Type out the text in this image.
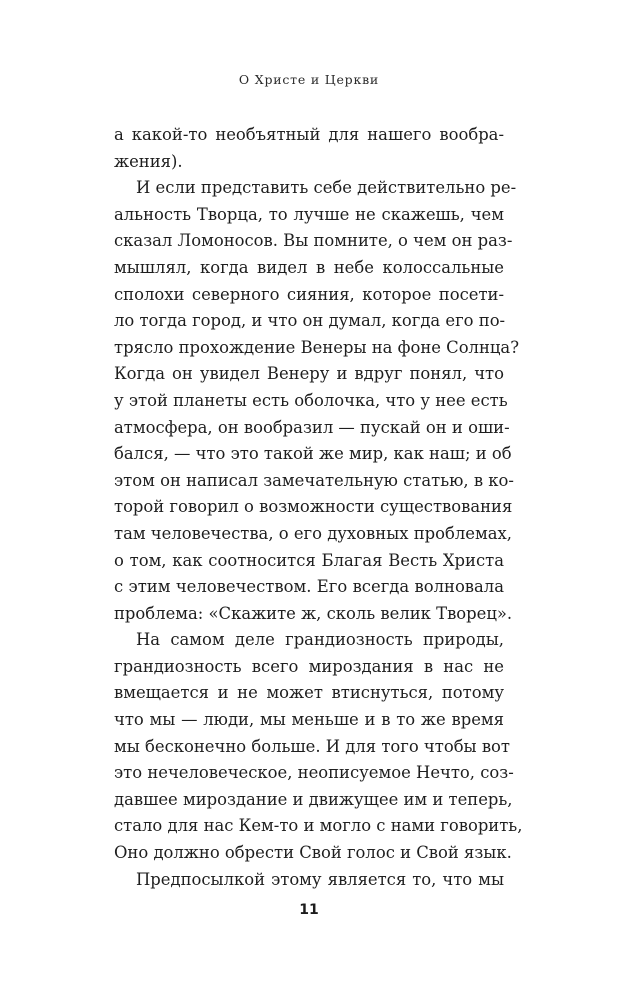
О Христе и Церкви
а какой-то необъятный для нашего вообра-
жения).
И если представить себе действительно ре-
альность Творца, то лучше не скажешь, чем
сказал Ломоносов. Вы помните, о чем он раз-
мышлял, когда видел в небе колоссальные
сполохи северного сияния, которое посети-
ло тогда город, и что он думал, когда его по-
трясло прохождение Венеры на фоне Солнца?
Когда он увидел Венеру и вдруг понял, что
у этой планеты есть оболочка, что у нее есть
атмосфера, он вообразил — пускай он и оши-
бался, — что это такой же мир, как наш; и об
этом он написал замечательную статью, в ко-
торой говорил о возможности существования
там человечества, о его духовных проблемах,
о том, как соотносится Благая Весть Христа
с этим человечеством. Его всегда волновала
проблема: «Скажите ж, сколь велик Творец».
На самом деле грандиозность природы,
грандиозность всего мироздания в нас не
вмещается и не может втиснуться, потому
что мы — люди, мы меньше и в то же время
мы бесконечно больше. И для того чтобы вот
это нечеловеческое, неописуемое Нечто, соз-
давшее мироздание и движущее им и теперь,
стало для нас Кем-то и могло с нами говорить,
Оно должно обрести Свой голос и Свой язык.
Предпосылкой этому является то, что мы
11
